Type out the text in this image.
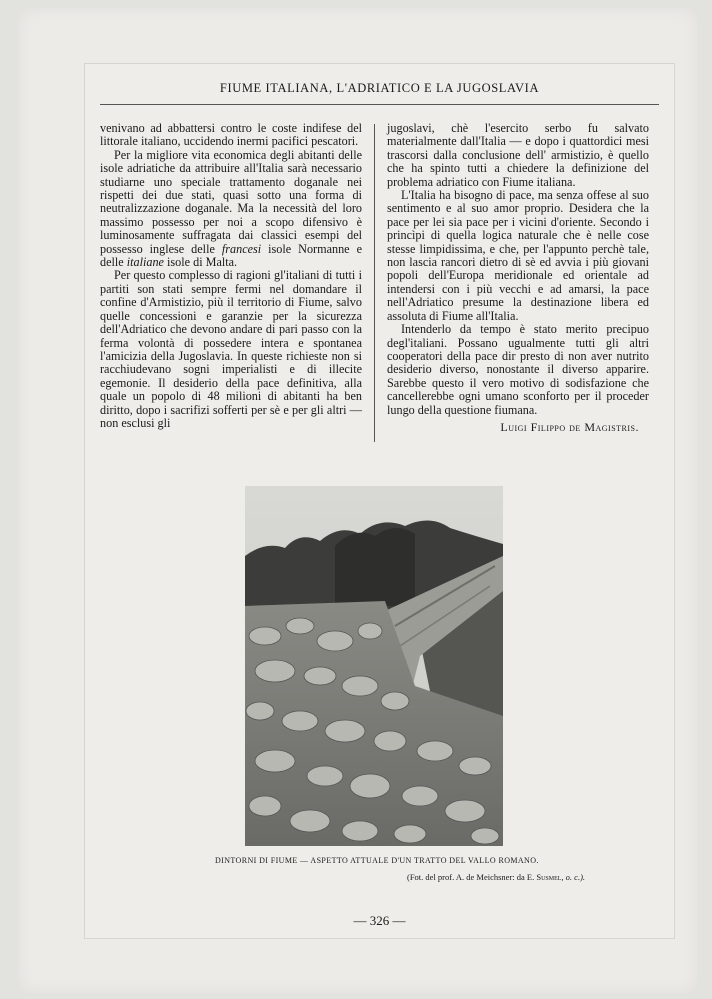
FIUME ITALIANA, L'ADRIATICO E LA JUGOSLAVIA

venivano ad abbattersi contro le coste indifese del littorale italiano, uccidendo inermi pacifici pescatori.

Per la migliore vita economica degli abitanti delle isole adriatiche da attribuire all'Italia sarà necessario studiarne uno speciale trattamento doganale nei rispetti dei due stati, quasi sotto una forma di neutralizzazione doganale. Ma la necessità del loro massimo possesso per noi a scopo difensivo è luminosamente suffragata dai classici esempi del possesso inglese delle francesi isole Normanne e delle italiane isole di Malta.

Per questo complesso di ragioni gl'italiani di tutti i partiti son stati sempre fermi nel domandare il confine d'Armistizio, più il territorio di Fiume, salvo quelle concessioni e garanzie per la sicurezza dell'Adriatico che devono andare di pari passo con la ferma volontà di possedere intera e spontanea l'amicizia della Jugoslavia. In queste richieste non si racchiudevano sogni imperialisti e di illecite egemonie. Il desiderio della pace definitiva, alla quale un popolo di 48 milioni di abitanti ha ben diritto, dopo i sacrifizi sofferti per sè e per gli altri — non esclusi gli

jugoslavi, chè l'esercito serbo fu salvato materialmente dall'Italia — e dopo i quattordici mesi trascorsi dalla conclusione dell' armistizio, è quello che ha spinto tutti a chiedere la definizione del problema adriatico con Fiume italiana.

L'Italia ha bisogno di pace, ma senza offese al suo sentimento e al suo amor proprio. Desidera che la pace per lei sia pace per i vicini d'oriente. Secondo i princìpi di quella logica naturale che è nelle cose stesse limpidissima, e che, per l'appunto perchè tale, non lascia rancori dietro di sè ed avvia i più giovani popoli dell'Europa meridionale ed orientale ad intendersi con i più vecchi e ad amarsi, la pace nell'Adriatico presume la destinazione libera ed assoluta di Fiume all'Italia.

Intenderlo da tempo è stato merito precipuo degl'italiani. Possano ugualmente tutti gli altri cooperatori della pace dir presto di non aver nutrito desiderio diverso, nonostante il diverso apparire. Sarebbe questo il vero motivo di sodisfazione che cancellerebbe ogni umano sconforto per il proceder lungo della questione fiumana.

Luigi Filippo de Magistris.
DINTORNI DI FIUME — ASPETTO ATTUALE D'UN TRATTO DEL VALLO ROMANO.
(Fot. del prof. A. de Meichsner: da E. Susmel, o. c.).
— 326 —
